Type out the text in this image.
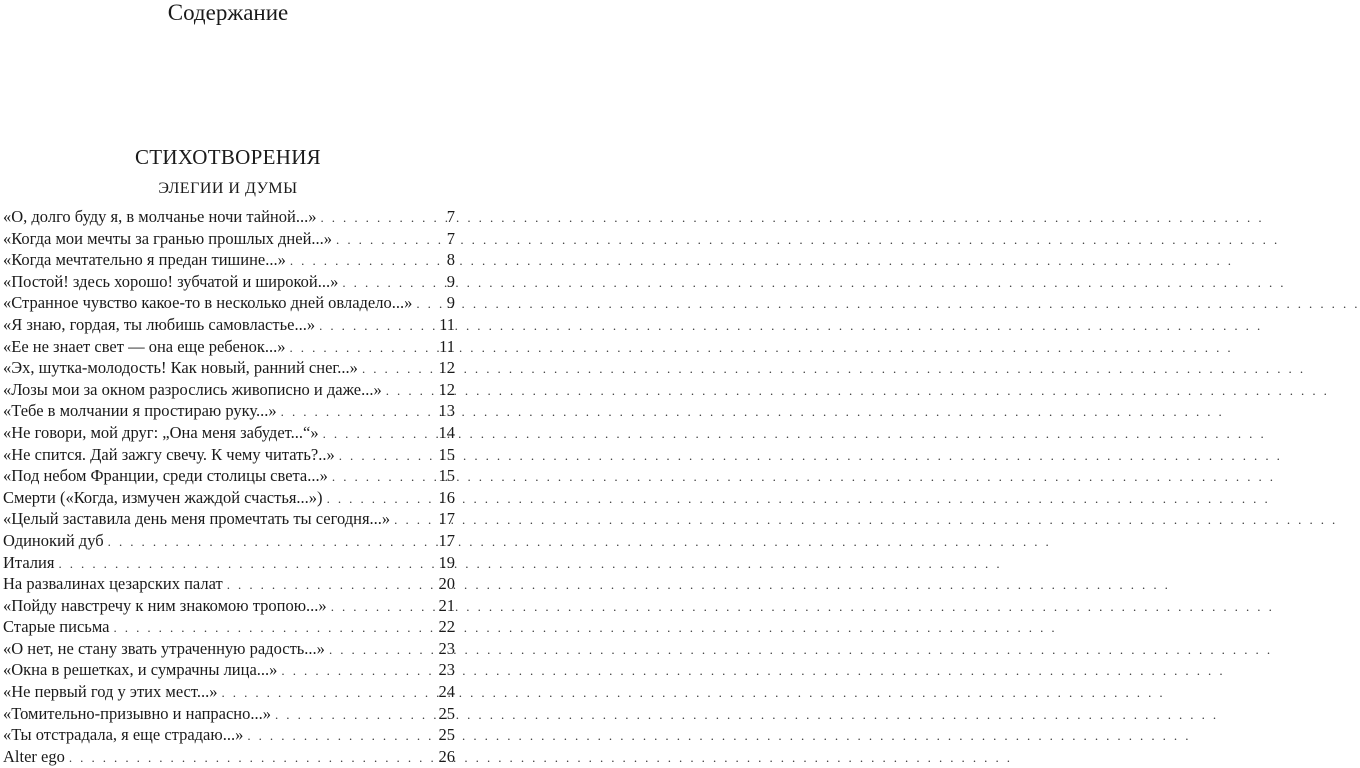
Содержание
СТИХОТВОРЕНИЯ
ЭЛЕГИИ И ДУМЫ
«О, долго буду я, в молчанье ночи тайной...» . . .	7
«Когда мои мечты за гранью прошлых дней...» . . .	7
«Когда мечтательно я предан тишине...» . . .	8
«Постой! здесь хорошо! зубчатой и широкой...» . . .	9
«Странное чувство какое-то в несколько дней овладело...» . . .	9
«Я знаю, гордая, ты любишь самовластье...» . . .	11
«Ее не знает свет — она еще ребенок...» . . .	11
«Эх, шутка-молодость! Как новый, ранний снег...» . . .	12
«Лозы мои за окном разрослись живописно и даже...» . . .	12
«Тебе в молчании я простираю руку...» . . .	13
«Не говори, мой друг: „Она меня забудет...“» . . .	14
«Не спится. Дай зажгу свечу. К чему читать?..» . . .	15
«Под небом Франции, среди столицы света...» . . .	15
Смерти («Когда, измучен жаждой счастья...») . . .	16
«Целый заставила день меня промечтать ты сегодня...» . . .	17
Одинокий дуб . . .	17
Италия . . .	19
На развалинах цезарских палат . . .	20
«Пойду навстречу к ним знакомою тропою...» . . .	21
Старые письма . . .	22
«О нет, не стану звать утраченную радость...» . . .	23
«Окна в решетках, и сумрачны лица...» . . .	23
«Не первый год у этих мест...» . . .	24
«Томительно-призывно и напрасно...» . . .	25
«Ты отстрадала, я еще страдаю...» . . .	25
Alter ego . . .	26
